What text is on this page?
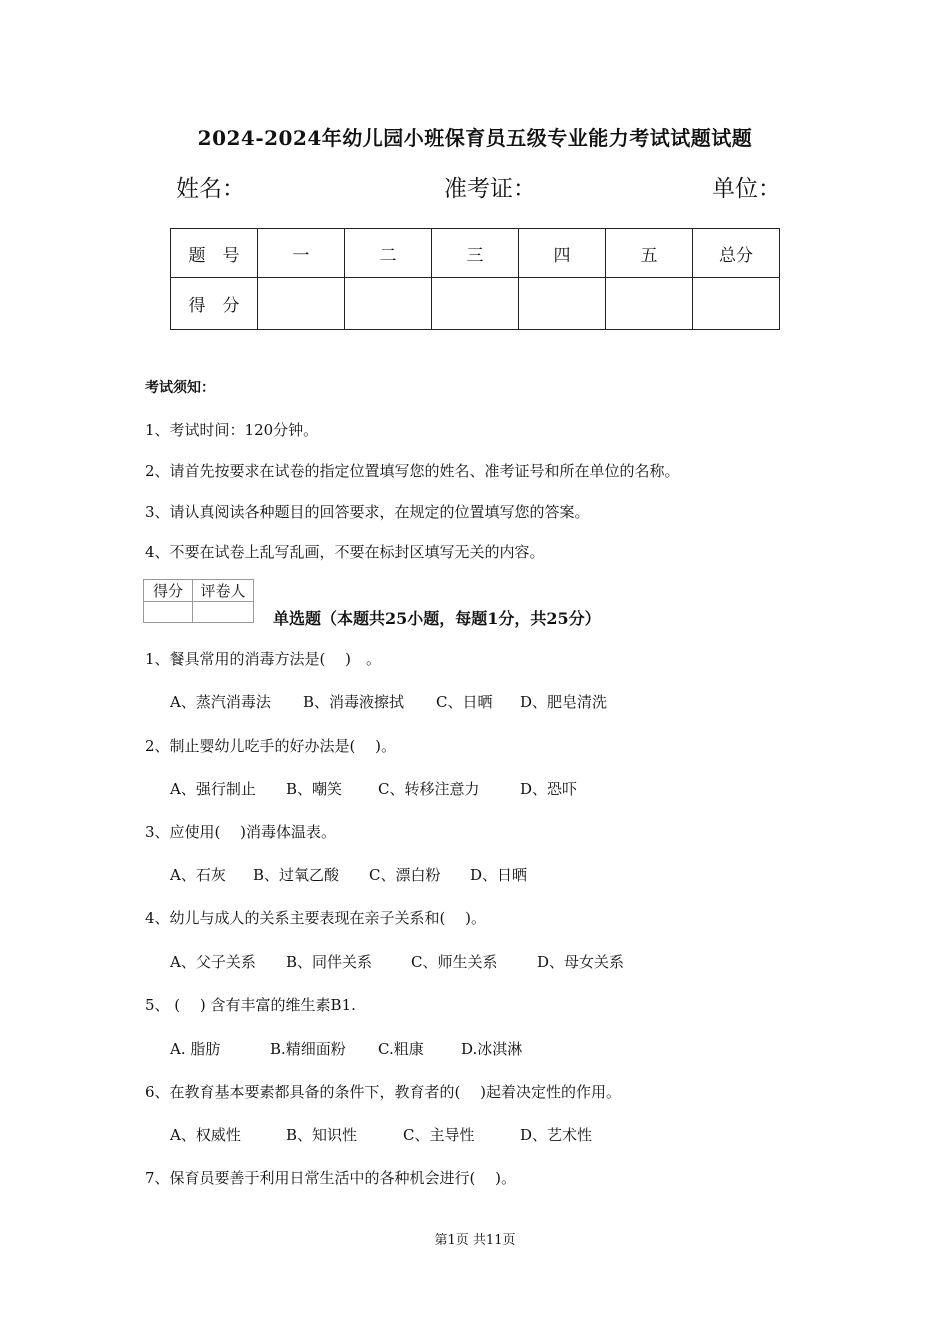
2024-2024年幼儿园小班保育员五级专业能力考试试题试题
姓名：	准考证：	单位：
题　号	一	二	三	四	五	总分
得　分						
考试须知：
1、考试时间：120分钟。
2、请首先按要求在试卷的指定位置填写您的姓名、准考证号和所在单位的名称。
3、请认真阅读各种题目的回答要求，在规定的位置填写您的答案。
4、不要在试卷上乱写乱画，不要在标封区填写无关的内容。
得分	评卷人

单选题（本题共25小题，每题1分，共25分）
1、餐具常用的消毒方法是(　 )　。
A、蒸汽消毒法 B、消毒液擦拭 C、日晒 D、肥皂清洗
2、制止婴幼儿吃手的好办法是(　 )。
A、强行制止 B、嘲笑 C、转移注意力	D、恐吓
3、应使用(　 )消毒体温表。
A、石灰 B、过氧乙酸 C、漂白粉 D、日晒
4、幼儿与成人的关系主要表现在亲子关系和(　 )。
A、父子关系 B、同伴关系	C、师生关系	D、母女关系
5、 (　 ) 含有丰富的维生素B1.
A. 脂肪	B.精细面粉 C.粗康 D.冰淇淋
6、在教育基本要素都具备的条件下，教育者的(　 )起着决定性的作用。
A、权威性	B、知识性	C、主导性	D、艺术性
7、保育员要善于利用日常生活中的各种机会进行(　 )。
第1页 共11页
